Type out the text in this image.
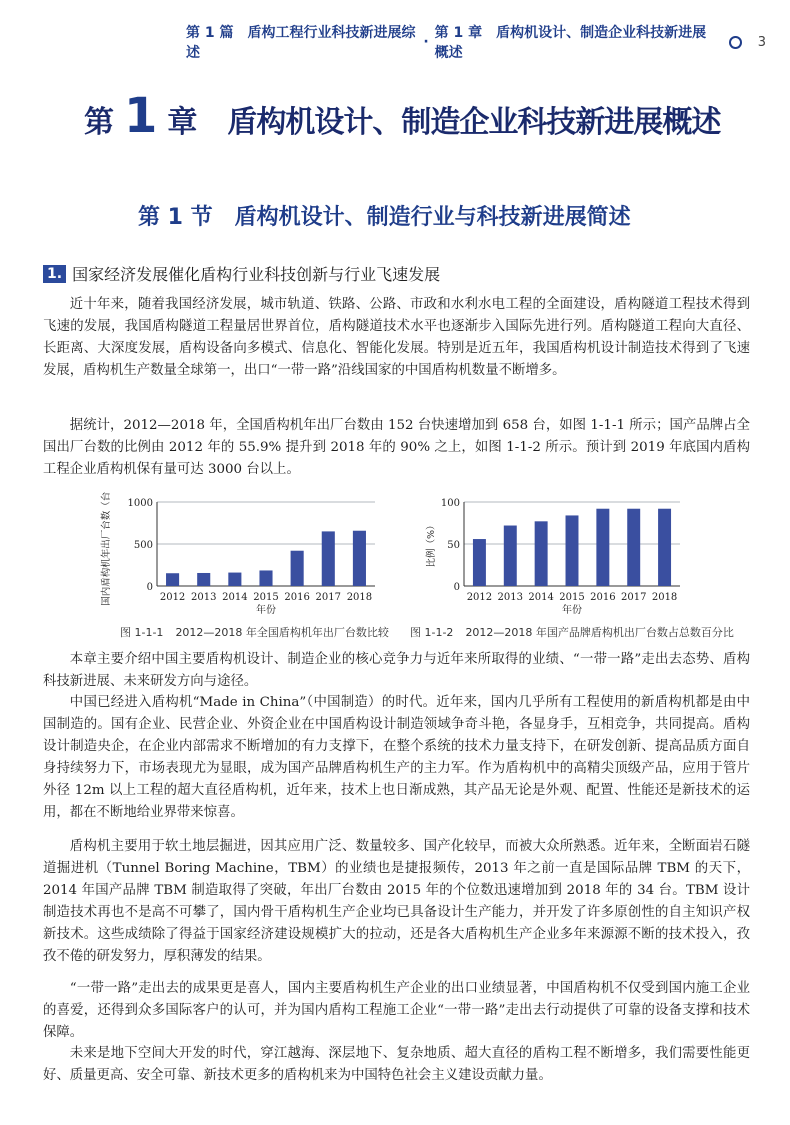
第 1 篇　盾构工程行业科技新进展综述
·
第 1 章　盾构机设计、制造企业科技新进展概述
3
第 1 章 盾构机设计、制造企业科技新进展概述
第 1 节 盾构机设计、制造行业与科技新进展简述
1. 国家经济发展催化盾构行业科技创新与行业飞速发展

近十年来，随着我国经济发展，城市轨道、铁路、公路、市政和水利水电工程的全面建设，盾构隧道工程技术得到飞速的发展，我国盾构隧道工程量居世界首位，盾构隧道技术水平也逐渐步入国际先进行列。盾构隧道工程向大直径、长距离、大深度发展，盾构设备向多模式、信息化、智能化发展。特别是近五年，我国盾构机设计制造技术得到了飞速发展，盾构机生产数量全球第一，出口“一带一路”沿线国家的中国盾构机数量不断增多。

据统计，2012—2018 年，全国盾构机年出厂台数由 152 台快速增加到 658 台，如图 1-1-1 所示；国产品牌占全国出厂台数的比例由 2012 年的 55.9% 提升到 2018 年的 90% 之上，如图 1-1-2 所示。预计到 2019 年底国内盾构工程企业盾构机保有量可达 3000 台以上。

0
500
1000
2012 2013 2014 2015 2016 2017 2018
年份
国内盾构机年出厂台数（台）	0
50
100
2012 2013 2014 2015 2016 2017 2018
年份
比例（%）
图 1-1-1 2012—2018 年全国盾构机年出厂台数比较 图 1-1-2 2012—2018 年国产品牌盾构机出厂台数占总数百分比

本章主要介绍中国主要盾构机设计、制造企业的核心竞争力与近年来所取得的业绩、“一带一路”走出去态势、盾构科技新进展、未来研发方向与途径。

中国已经进入盾构机“Made in China”（中国制造）的时代。近年来，国内几乎所有工程使用的新盾构机都是由中国制造的。国有企业、民营企业、外资企业在中国盾构设计制造领域争奇斗艳，各显身手，互相竞争，共同提高。盾构设计制造央企，在企业内部需求不断增加的有力支撑下，在整个系统的技术力量支持下，在研发创新、提高品质方面自身持续努力下，市场表现尤为显眼，成为国产品牌盾构机生产的主力军。作为盾构机中的高精尖顶级产品，应用于管片外径 12m 以上工程的超大直径盾构机，近年来，技术上也日渐成熟，其产品无论是外观、配置、性能还是新技术的运用，都在不断地给业界带来惊喜。

盾构机主要用于软土地层掘进，因其应用广泛、数量较多、国产化较早，而被大众所熟悉。近年来，全断面岩石隧道掘进机（Tunnel Boring Machine，TBM）的业绩也是捷报频传，2013 年之前一直是国际品牌 TBM 的天下，2014 年国产品牌 TBM 制造取得了突破，年出厂台数由 2015 年的个位数迅速增加到 2018 年的 34 台。TBM 设计制造技术再也不是高不可攀了，国内骨干盾构机生产企业均已具备设计生产能力，并开发了许多原创性的自主知识产权新技术。这些成绩除了得益于国家经济建设规模扩大的拉动，还是各大盾构机生产企业多年来源源不断的技术投入，孜孜不倦的研发努力，厚积薄发的结果。

“一带一路”走出去的成果更是喜人，国内主要盾构机生产企业的出口业绩显著，中国盾构机不仅受到国内施工企业的喜爱，还得到众多国际客户的认可，并为国内盾构工程施工企业“一带一路”走出去行动提供了可靠的设备支撑和技术保障。

未来是地下空间大开发的时代，穿江越海、深层地下、复杂地质、超大直径的盾构工程不断增多，我们需要性能更好、质量更高、安全可靠、新技术更多的盾构机来为中国特色社会主义建设贡献力量。
